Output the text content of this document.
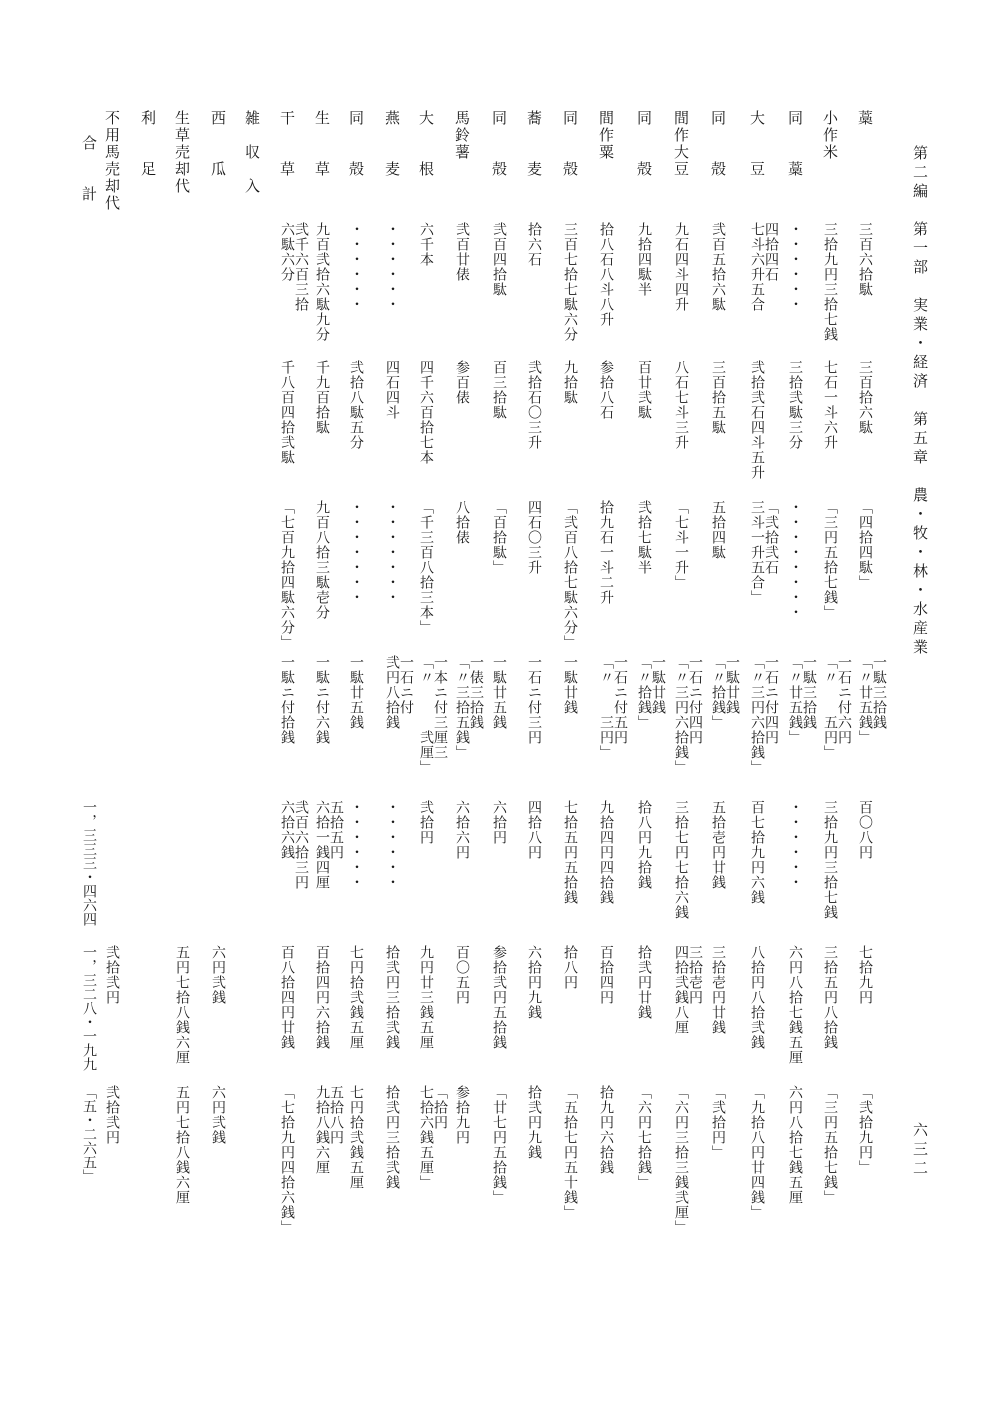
第二編　第一部　実業・経済　第五章　農・牧・林・水産業
六三二
藁
三百六拾駄
三百拾六駄
「四拾四駄」
一駄三拾銭
「〃廿五銭」
百〇八円
七拾九円
「弐拾九円」
小作米
三拾九円三拾七銭
七石一斗六升
「三円五拾七銭」
一石ニ付六円
「〃　　五円」
三拾九円三拾七銭
三拾五円八拾銭
「三円五拾七銭」
同　　藁
・・・・・・
三拾弐駄三分
・・・・・・・・
一駄三拾銭
「〃廿五銭」
・・・・・・
六円八拾七銭五厘
六円八拾七銭五厘
大　　豆
四拾四石
七斗六升五合
弐拾弐石四斗五升
「弐拾弐石
三斗一升五合」
一石ニ付四円
「〃三円六拾銭」
百七拾九円六銭
八拾円八拾弐銭
「九拾八円廿四銭」
同　　殻
弐百五拾六駄
三百拾五駄
五拾四駄
一駄廿銭
「〃拾銭」
五拾壱円廿銭
三拾壱円廿銭
「弐拾円」
間作大豆
九石四斗四升
八石七斗三升
「七斗一升」
一石ニ付四円
「〃三円六拾銭」
三拾七円七拾六銭
三拾壱円
四拾弐銭八厘
「六円三拾三銭弐厘」
同　　殻
九拾四駄半
百廿弐駄
弐拾七駄半
一駄廿銭
「〃拾銭」
拾八円九拾銭
拾弐円廿銭
「六円七拾銭」
間作粟
拾八石八斗八升
参拾八石
拾九石一斗二升
一石ニ付五円
「〃　　三円」
九拾四円四拾銭
百拾四円
拾九円六拾銭
同　　殻
三百七拾七駄六分
九拾駄
「弐百八拾七駄六分」
一駄廿銭
七拾五円五拾銭
拾八円
「五拾七円五十銭」
蕎　　麦
拾六石
弐拾石〇三升
四石〇三升
一石ニ付三円
四拾八円
六拾円九銭
拾弐円九銭
同　　殻
弐百四拾駄
百三拾駄
「百拾駄」
一駄廿五銭
六拾円
参拾弐円五拾銭
「廿七円五拾銭」
馬鈴薯
弐百廿俵
参百俵
八拾俵
一俵三拾銭
「〃三拾五銭」
六拾六円
百〇五円
参拾九円
大　　根
六千本
四千六百拾七本
「千三百八拾三本」
一本ニ付三厘三
「〃　　　弐厘」
弐拾円
九円廿三銭五厘
「拾円
七拾六銭五厘」
燕　　麦
・・・・・・
四石四斗
・・・・・・・
一石ニ付
弐円八拾銭
・・・・・・
拾弐円三拾弐銭
拾弐円三拾弐銭
同　　殻
・・・・・・
弐拾八駄五分
・・・・・・・
一駄廿五銭
・・・・・・
七円拾弐銭五厘
七円拾弐銭五厘
生　　草
九百弐拾六駄九分
千九百拾駄
九百八拾三駄壱分
一駄ニ付六銭
五拾五円
六拾一銭四厘
百拾四円六拾銭
五拾八円
九拾八銭六厘
干　　草
弐千六百三拾
六駄六分
千八百四拾弐駄
「七百九拾四駄六分」
一駄ニ付拾銭
弐百六拾三円
六拾六銭
百八拾四円廿銭
「七拾九円四拾六銭」
雑　収　入
西　　瓜
六円弐銭
六円弐銭
生草売却代
五円七拾八銭六厘
五円七拾八銭六厘
利　　足
不用馬売却代
弐拾弐円
弐拾弐円
合　　計
一，三三三・四六四
一，三二八・一九九
「五・二六五」
